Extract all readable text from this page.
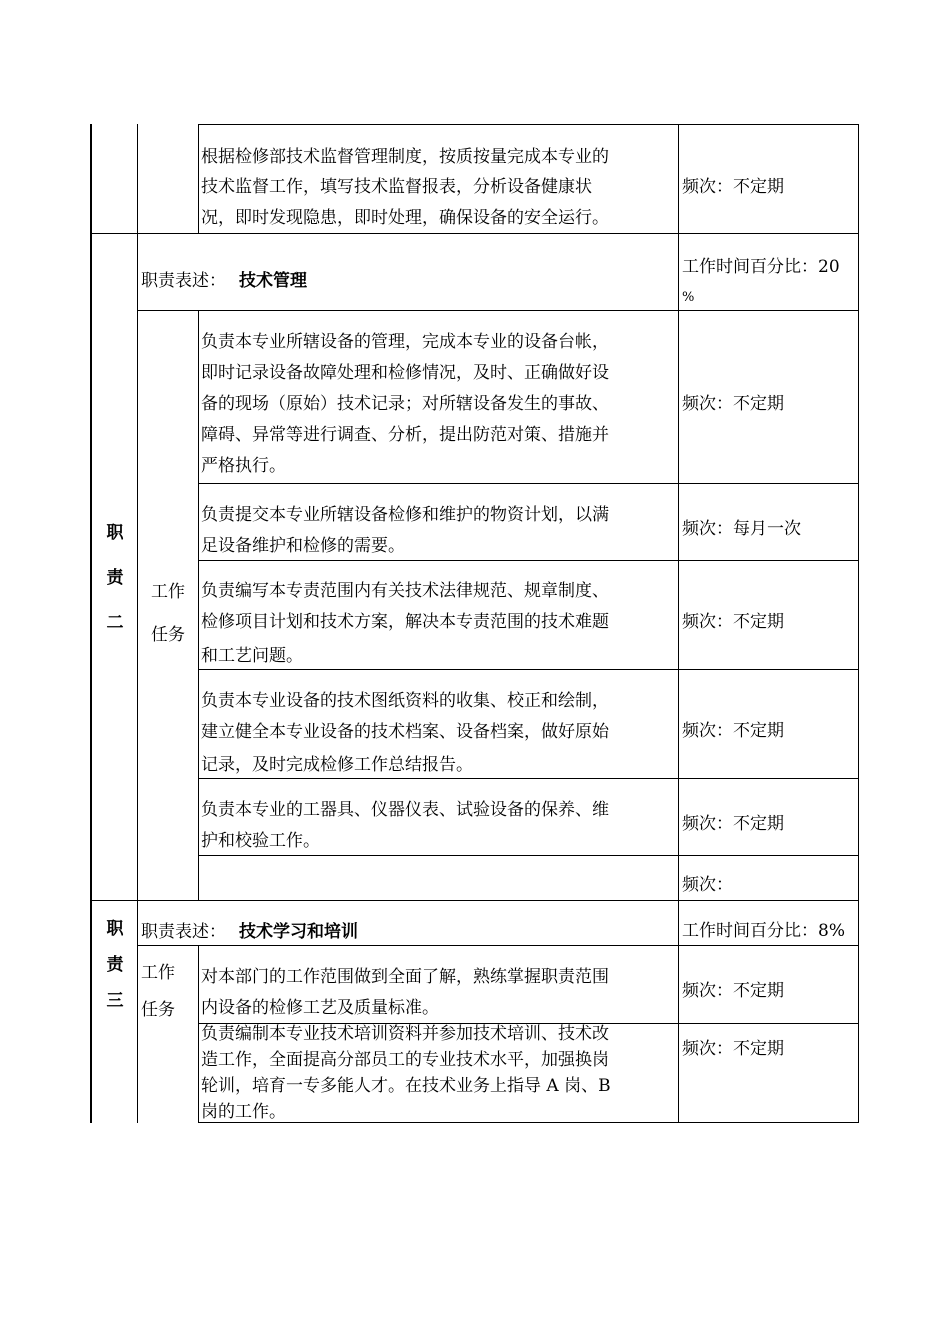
根据检修部技术监督管理制度，按质按量完成本专业的
技术监督工作，填写技术监督报表，分析设备健康状
况，即时发现隐患，即时处理，确保设备的安全运行。
频次：不定期
职
责
二
职责表述： 技术管理
工作时间百分比：20
%
工作
任务
负责本专业所辖设备的管理，完成本专业的设备台帐，
即时记录设备故障处理和检修情况，及时、正确做好设
备的现场（原始）技术记录；对所辖设备发生的事故、
障碍、异常等进行调查、分析，提出防范对策、措施并
严格执行。
频次：不定期
负责提交本专业所辖设备检修和维护的物资计划，以满
足设备维护和检修的需要。
频次：每月一次
负责编写本专责范围内有关技术法律规范、规章制度、
检修项目计划和技术方案，解决本专责范围的技术难题
和工艺问题。
频次：不定期
负责本专业设备的技术图纸资料的收集、校正和绘制，
建立健全本专业设备的技术档案、设备档案，做好原始
记录，及时完成检修工作总结报告。
频次：不定期
负责本专业的工器具、仪器仪表、试验设备的保养、维
护和校验工作。
频次：不定期
频次：
职
责
三
职责表述： 技术学习和培训	工作时间百分比：8%
工作
任务
对本部门的工作范围做到全面了解，熟练掌握职责范围
内设备的检修工艺及质量标准。
频次：不定期
负责编制本专业技术培训资料并参加技术培训、技术改
造工作，全面提高分部员工的专业技术水平，加强换岗
轮训，培育一专多能人才。在技术业务上指导 A 岗、B
岗的工作。
频次：不定期
